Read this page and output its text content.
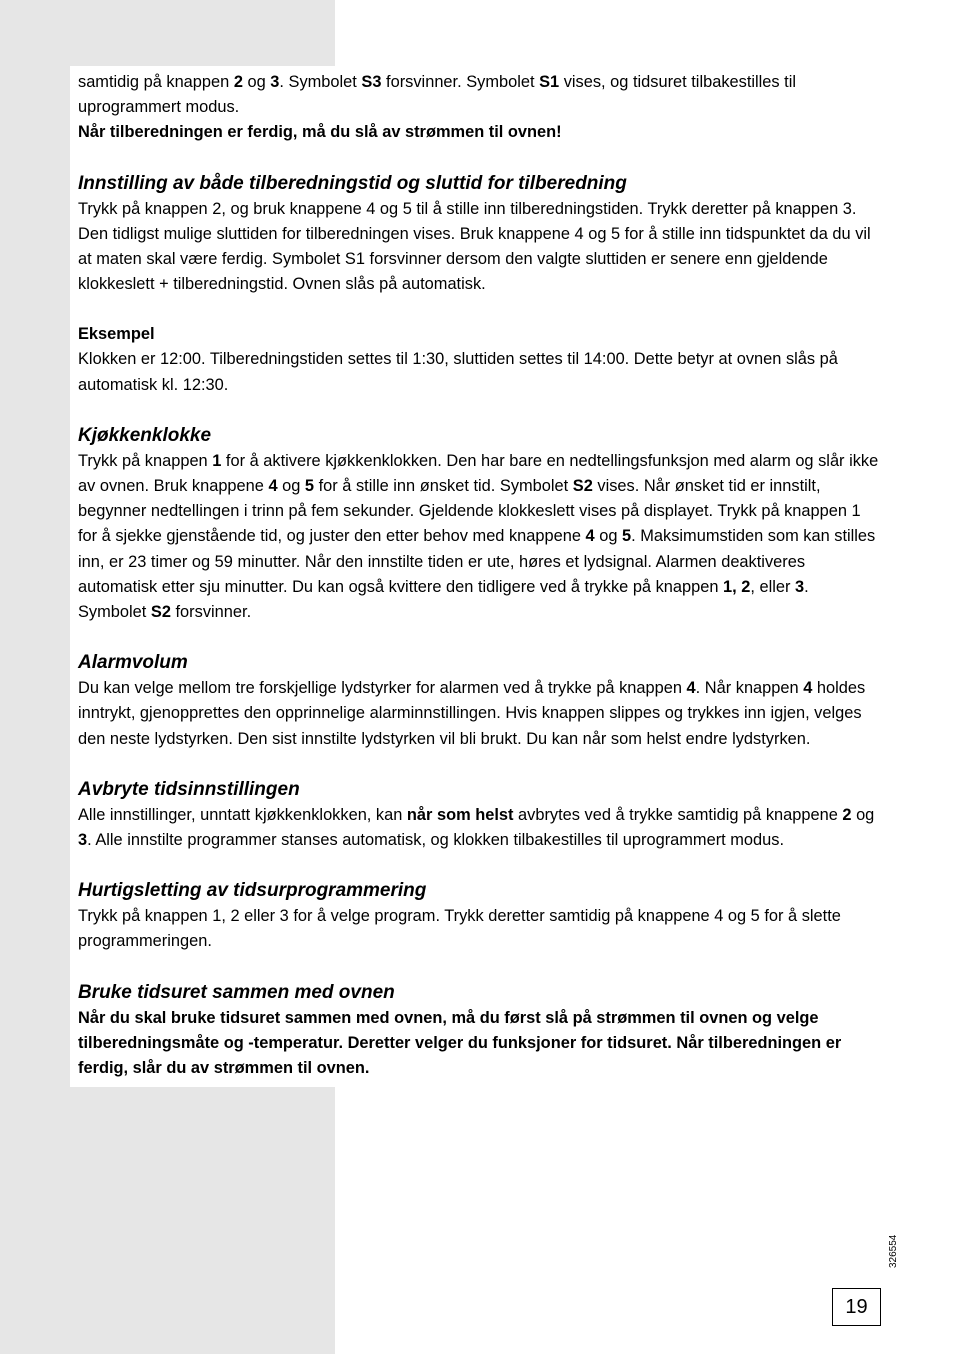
samtidig på knappen 2 og 3. Symbolet S3 forsvinner. Symbolet S1 vises, og tidsuret tilbakestilles til uprogrammert modus.

Når tilberedningen er ferdig, må du slå av strømmen til ovnen!

Innstilling av både tilberedningstid og sluttid for tilberedning

Trykk på knappen 2, og bruk knappene 4 og 5 til å stille inn tilberedningstiden. Trykk deretter på knappen 3. Den tidligst mulige sluttiden for tilberedningen vises. Bruk knappene 4 og 5 for å stille inn tidspunktet da du vil at maten skal være ferdig. Symbolet S1 forsvinner dersom den valgte sluttiden er senere enn gjeldende klokkeslett + tilberedningstid. Ovnen slås på automatisk.

Eksempel

Klokken er 12:00. Tilberedningstiden settes til 1:30, sluttiden settes til 14:00. Dette betyr at ovnen slås på automatisk kl. 12:30.

Kjøkkenklokke

Trykk på knappen 1 for å aktivere kjøkkenklokken. Den har bare en nedtellingsfunksjon med alarm og slår ikke av ovnen. Bruk knappene 4 og 5 for å stille inn ønsket tid. Symbolet S2 vises. Når ønsket tid er innstilt, begynner nedtellingen i trinn på fem sekunder. Gjeldende klokkeslett vises på displayet. Trykk på knappen 1 for å sjekke gjenstående tid, og juster den etter behov med knappene 4 og 5. Maksimumstiden som kan stilles inn, er 23 timer og 59 minutter. Når den innstilte tiden er ute, høres et lydsignal. Alarmen deaktiveres automatisk etter sju minutter. Du kan også kvittere den tidligere ved å trykke på knappen 1, 2, eller 3. Symbolet S2 forsvinner.

Alarmvolum

Du kan velge mellom tre forskjellige lydstyrker for alarmen ved å trykke på knappen 4. Når knappen 4 holdes inntrykt, gjenopprettes den opprinnelige alarminnstillingen. Hvis knappen slippes og trykkes inn igjen, velges den neste lydstyrken. Den sist innstilte lydstyrken vil bli brukt. Du kan når som helst endre lydstyrken.

Avbryte tidsinnstillingen

Alle innstillinger, unntatt kjøkkenklokken, kan når som helst avbrytes ved å trykke samtidig på knappene 2 og 3. Alle innstilte programmer stanses automatisk, og klokken tilbakestilles til uprogrammert modus.

Hurtigsletting av tidsurprogrammering

Trykk på knappen 1, 2 eller 3 for å velge program. Trykk deretter samtidig på knappene 4 og 5 for å slette programmeringen.

Bruke tidsuret sammen med ovnen

Når du skal bruke tidsuret sammen med ovnen, må du først slå på strømmen til ovnen og velge tilberedningsmåte og -temperatur. Deretter velger du funksjoner for tidsuret. Når tilberedningen er ferdig, slår du av strømmen til ovnen.

326554
19
